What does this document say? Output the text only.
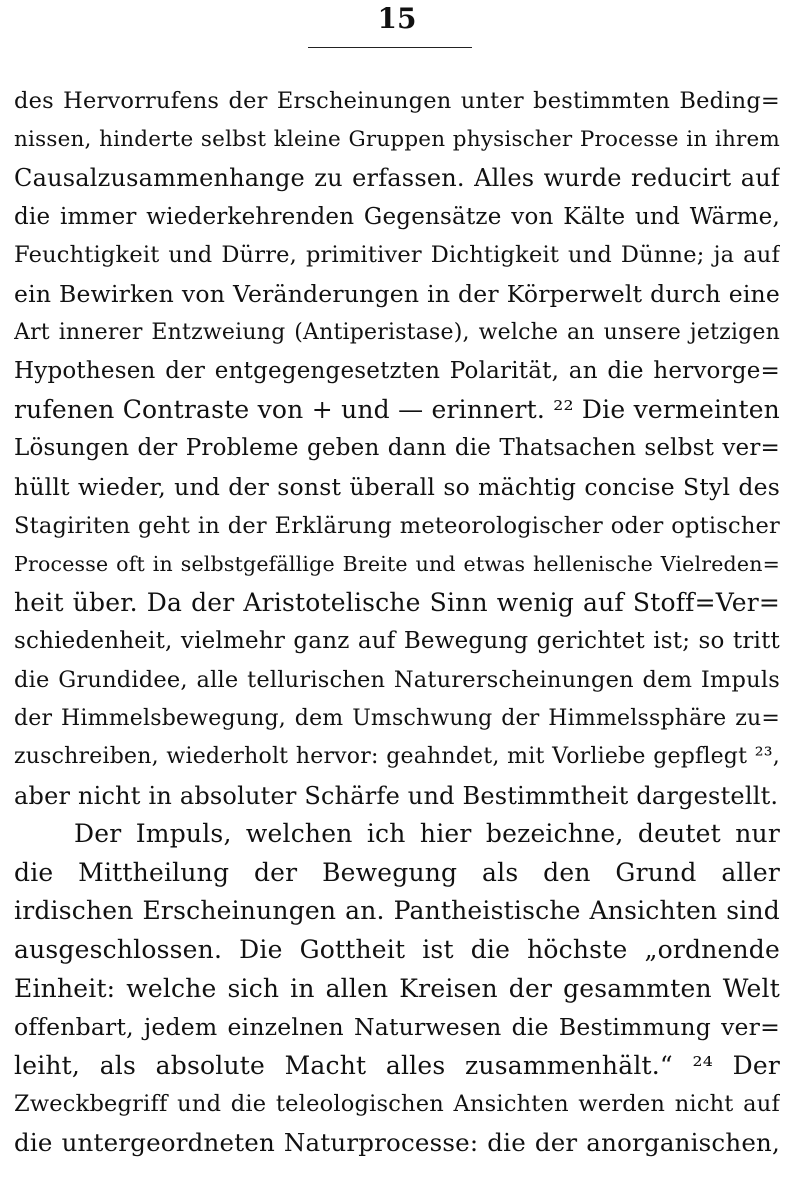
15
des Hervorrufens der Erscheinungen unter bestimmten Beding=
nissen, hinderte selbst kleine Gruppen physischer Processe in ihrem
Causalzusammenhange zu erfassen. Alles wurde reducirt auf
die immer wiederkehrenden Gegensätze von Kälte und Wärme,
Feuchtigkeit und Dürre, primitiver Dichtigkeit und Dünne; ja auf
ein Bewirken von Veränderungen in der Körperwelt durch eine
Art innerer Entzweiung (Antiperistase), welche an unsere jetzigen
Hypothesen der entgegengesetzten Polarität, an die hervorge=
rufenen Contraste von + und — erinnert. ²² Die vermeinten
Lösungen der Probleme geben dann die Thatsachen selbst ver=
hüllt wieder, und der sonst überall so mächtig concise Styl des
Stagiriten geht in der Erklärung meteorologischer oder optischer
Processe oft in selbstgefällige Breite und etwas hellenische Vielreden=
heit über. Da der Aristotelische Sinn wenig auf Stoff=Ver=
schiedenheit, vielmehr ganz auf Bewegung gerichtet ist; so tritt
die Grundidee, alle tellurischen Naturerscheinungen dem Impuls
der Himmelsbewegung, dem Umschwung der Himmelssphäre zu=
zuschreiben, wiederholt hervor: geahndet, mit Vorliebe gepflegt ²³,
aber nicht in absoluter Schärfe und Bestimmtheit dargestellt.
Der Impuls, welchen ich hier bezeichne, deutet nur
die Mittheilung der Bewegung als den Grund aller
irdischen Erscheinungen an. Pantheistische Ansichten sind
ausgeschlossen. Die Gottheit ist die höchste „ordnende
Einheit: welche sich in allen Kreisen der gesammten Welt
offenbart, jedem einzelnen Naturwesen die Bestimmung ver=
leiht, als absolute Macht alles zusammenhält.“ ²⁴ Der
Zweckbegriff und die teleologischen Ansichten werden nicht auf
die untergeordneten Naturprocesse: die der anorganischen,
